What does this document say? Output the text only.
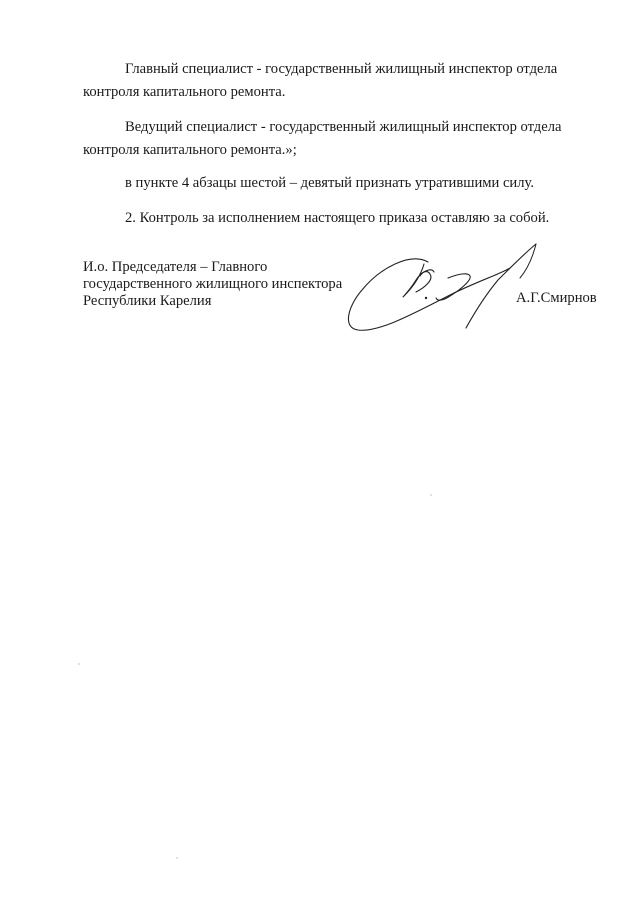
Главный специалист - государственный жилищный инспектор отдела контроля капитального ремонта.

Ведущий специалист - государственный жилищный инспектор отдела контроля капитального ремонта.»;

в пункте 4 абзацы шестой – девятый признать утратившими силу.

2. Контроль за исполнением настоящего приказа оставляю за собой.

И.о. Председателя – Главного
государственного жилищного инспектора
Республики Карелия	А.Г.Смирнов
